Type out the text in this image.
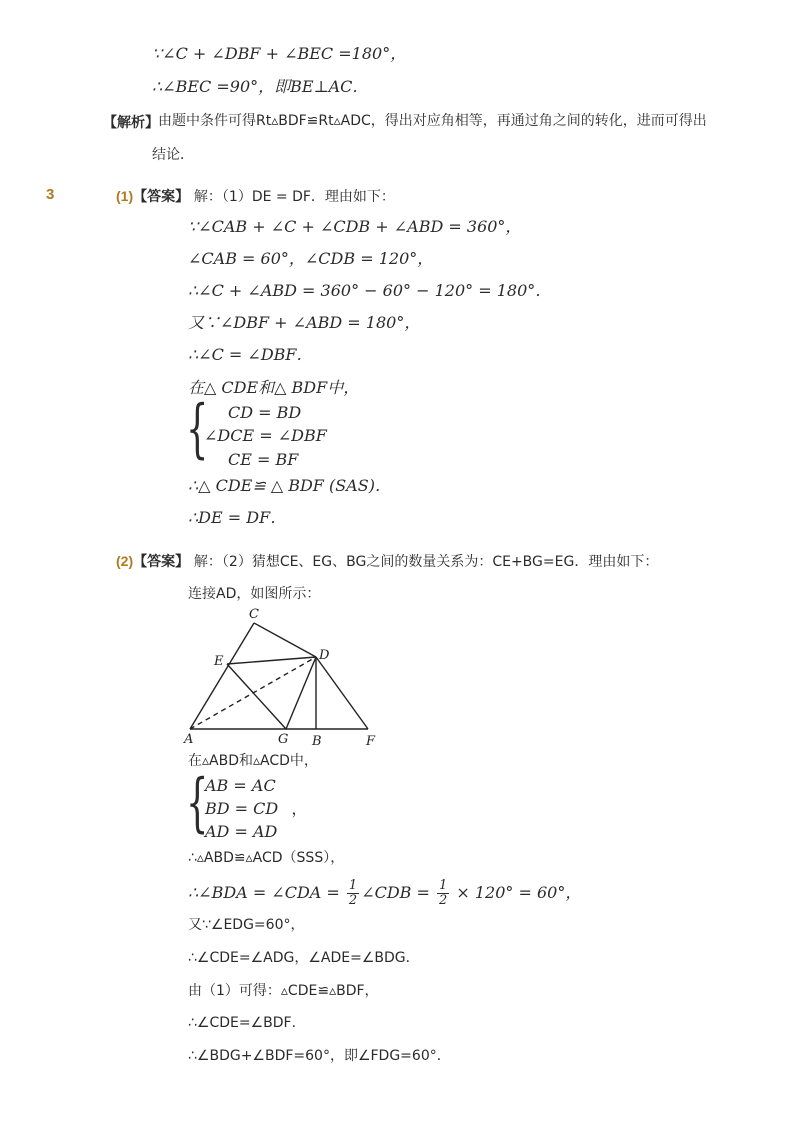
∵∠C + ∠DBF + ∠BEC =180°，
∴∠BEC =90°，即BE⊥AC．
【解析】 由题中条件可得Rt▵BDF≌Rt▵ADC，得出对应角相等，再通过角之间的转化，进而可得出
结论．
3	(1)【答案】 解：（1）DE = DF．理由如下：
∵∠CAB + ∠C + ∠CDB + ∠ABD = 360°，
∠CAB = 60°，∠CDB = 120°，
∴∠C + ∠ABD = 360° − 60° − 120° = 180°．
又∵∠DBF + ∠ABD = 180°，
∴∠C = ∠DBF．
在△ CDE和△ BDF中，
{ CD = BD
∠DCE = ∠DBF
CE = BF
∴△ CDE≌ △ BDF (SAS)．
∴DE = DF．
(2)【答案】 解：（2）猜想CE、EG、BG之间的数量关系为：CE+BG=EG．理由如下：
连接AD，如图所示：
C
D
E
A	G B	F
在▵ABD和▵ACD中，
{
AB = AC
BD = CD ，
AD = AD
∴▵ABD≌▵ACD（SSS），
∴∠BDA = ∠CDA = $\frac{1}{2}$ ∠CDB = $\frac{1}{2} \times 120^\circ = 60^\circ$，
又∵∠EDG=60°，
∴∠CDE=∠ADG，∠ADE=∠BDG．
由（1）可得：▵CDE≌▵BDF，
∴∠CDE=∠BDF．
∴∠BDG+∠BDF=60°，即∠FDG=60°．
